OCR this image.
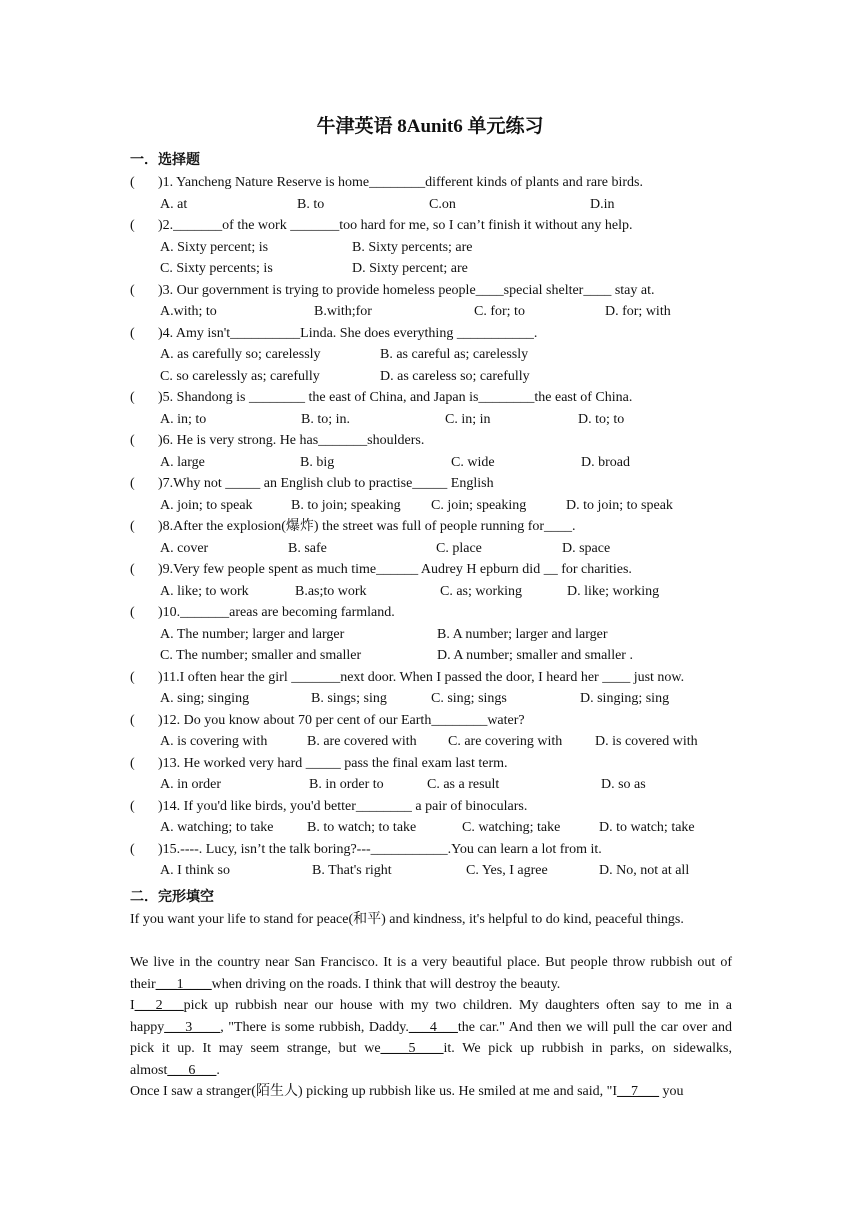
牛津英语 8Aunit6 单元练习
一．选择题
( )1. Yancheng Nature Reserve is home________different kinds of plants and rare birds.
A. at	B. to	C.on	D.in
( )2._______of the work _______too hard for me, so I can’t finish it without any help.
A. Sixty percent; is	B. Sixty percents; are
C. Sixty percents; is	D. Sixty percent; are
( )3. Our government is trying to provide homeless people____special shelter____ stay at.
A.with; to	B.with;for	C. for; to	D. for; with
( )4. Amy isn't__________Linda. She does everything ___________.
A. as carefully so; carelessly	B. as careful as; carelessly
C. so carelessly as; carefully	D. as careless so; carefully
( )5. Shandong is ________ the east of China, and Japan is________the east of China.
A. in; to	B. to; in.	C. in; in	D. to; to
( )6. He is very strong. He has_______shoulders.
A. large	B. big	C. wide	D. broad
( )7.Why not _____ an English club to practise_____ English
A. join; to speak	B. to join; speaking C. join; speaking	D. to join; to speak
( )8.After the explosion(爆炸) the street was full of people running for____.
A. cover	B. safe	C. place	D. space
( )9.Very few people spent as much time______ Audrey H epburn did __ for charities.
A. like; to work	B.as;to work	C. as; working	D. like; working
( )10._______areas are becoming farmland.
A. The number; larger and larger	B. A number; larger and larger
C. The number; smaller and smaller	D. A number; smaller and smaller .
( )11.I often hear the girl _______next door. When I passed the door, I heard her ____ just now.
A. sing; singing	B. sings; sing	C. sing; sings	D. singing; sing
( )12. Do you know about 70 per cent of our Earth________water?
A. is covering with	B. are covered with C. are covering with D. is covered with
( )13. He worked very hard _____ pass the final exam last term.
A. in order	B. in order to	C. as a result	D. so as
( )14. If you'd like birds, you'd better________ a pair of binoculars.
A. watching; to take B. to watch; to take	C. watching; take	D. to watch; take
( )15.----. Lucy, isn’t the talk boring?---___________.You can learn a lot from it.
A. I think so	B. That's right	C. Yes, I agree	D. No, not at all
二．完形填空
If you want your life to stand for peace(和平) and kindness, it's helpful to do kind, peaceful things.
We live in the country near San Francisco. It is a very beautiful place. But people throw rubbish out of their___1____when driving on the roads. I think that will destroy the beauty.
I___2___pick up rubbish near our house with my two children. My daughters often say to me in a happy___3____, "There is some rubbish, Daddy.___4___the car." And then we will pull the car over and pick it up. It may seem strange, but we____5____it. We pick up rubbish in parks, on sidewalks, almost___6___.
Once I saw a stranger(陌生人) picking up rubbish like us. He smiled at me and said, "I__7___ you
